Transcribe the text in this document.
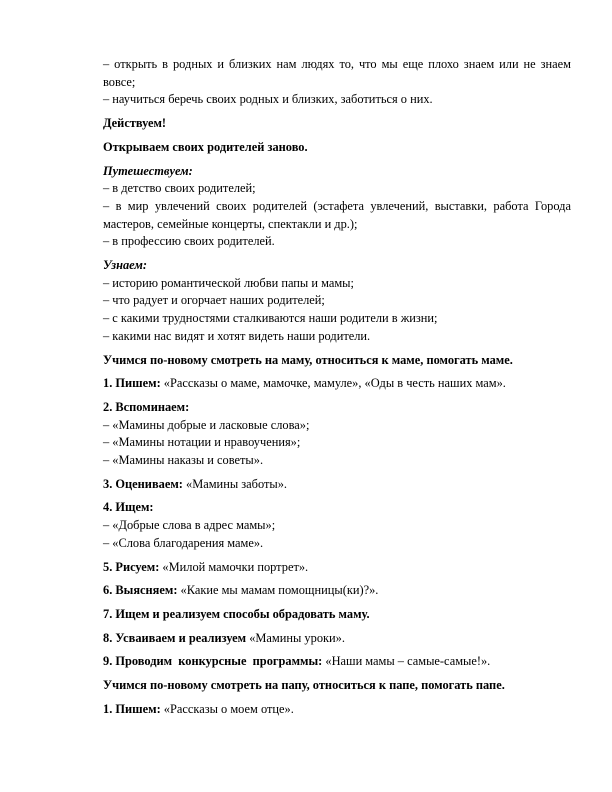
– открыть в родных и близких нам людях то, что мы еще плохо знаем или не знаем вовсе;

– научиться беречь своих родных и близких, заботиться о них.

Действуем!

Открываем своих родителей заново.

Путешествуем:

– в детство своих родителей;

– в мир увлечений своих родителей (эстафета увлечений, выставки, работа Города мастеров, семейные концерты, спектакли и др.);

– в профессию своих родителей.

Узнаем:

– историю романтической любви папы и мамы;

– что радует и огорчает наших родителей;

– с какими трудностями сталкиваются наши родители в жизни;

– какими нас видят и хотят видеть наши родители.

Учимся по-новому смотреть на маму, относиться к маме, помогать маме.

1. Пишем: «Рассказы о маме, мамочке, мамуле», «Оды в честь наших мам».

2. Вспоминаем:

– «Мамины добрые и ласковые слова»;

– «Мамины нотации и нравоучения»;

– «Мамины наказы и советы».

3. Оцениваем: «Мамины заботы».

4. Ищем:

– «Добрые слова в адрес мамы»;

– «Слова благодарения маме».

5. Рисуем: «Милой мамочки портрет».

6. Выясняем: «Какие мы мамам помощницы(ки)?».

7. Ищем и реализуем способы обрадовать маму.

8. Усваиваем и реализуем «Мамины уроки».

9. Проводим  конкурсные  программы: «Наши мамы – самые-самые!».

Учимся по-новому смотреть на папу, относиться к папе, помогать папе.

1. Пишем: «Рассказы о моем отце».
